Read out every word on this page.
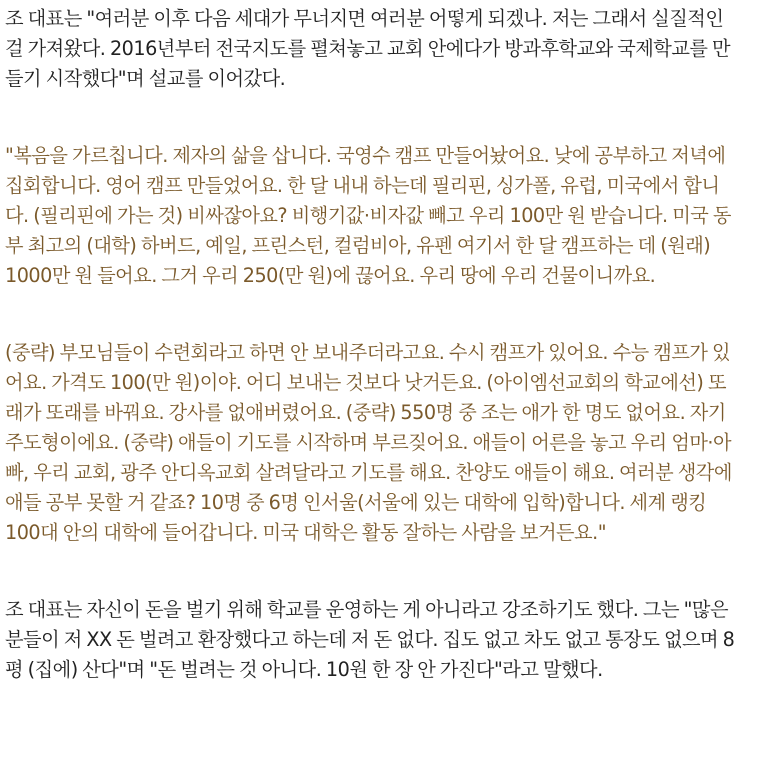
조 대표는 "여러분 이후 다음 세대가 무너지면 여러분 어떻게 되겠나. 저는 그래서 실질적인
걸 가져왔다. 2016년부터 전국지도를 펼쳐놓고 교회 안에다가 방과후학교와 국제학교를 만
들기 시작했다"며 설교를 이어갔다.
"복음을 가르칩니다. 제자의 삶을 삽니다. 국영수 캠프 만들어놨어요. 낮에 공부하고 저녁에
집회합니다. 영어 캠프 만들었어요. 한 달 내내 하는데 필리핀, 싱가폴, 유럽, 미국에서 합니
다. (필리핀에 가는 것) 비싸잖아요? 비행기값·비자값 빼고 우리 100만 원 받습니다. 미국 동
부 최고의 (대학) 하버드, 예일, 프린스턴, 컬럼비아, 유펜 여기서 한 달 캠프하는 데 (원래)
1000만 원 들어요. 그거 우리 250(만 원)에 끊어요. 우리 땅에 우리 건물이니까요.
(중략) 부모님들이 수련회라고 하면 안 보내주더라고요. 수시 캠프가 있어요. 수능 캠프가 있
어요. 가격도 100(만 원)이야. 어디 보내는 것보다 낫거든요. (아이엠선교회의 학교에선) 또
래가 또래를 바꿔요. 강사를 없애버렸어요. (중략) 550명 중 조는 애가 한 명도 없어요. 자기
주도형이에요. (중략) 애들이 기도를 시작하며 부르짖어요. 애들이 어른을 놓고 우리 엄마·아
빠, 우리 교회, 광주 안디옥교회 살려달라고 기도를 해요. 찬양도 애들이 해요. 여러분 생각에
애들 공부 못할 거 같죠? 10명 중 6명 인서울(서울에 있는 대학에 입학)합니다. 세계 랭킹
100대 안의 대학에 들어갑니다. 미국 대학은 활동 잘하는 사람을 보거든요."
조 대표는 자신이 돈을 벌기 위해 학교를 운영하는 게 아니라고 강조하기도 했다. 그는 "많은
분들이 저 XX 돈 벌려고 환장했다고 하는데 저 돈 없다. 집도 없고 차도 없고 통장도 없으며 8
평 (집에) 산다"며 "돈 벌려는 것 아니다. 10원 한 장 안 가진다"라고 말했다.
